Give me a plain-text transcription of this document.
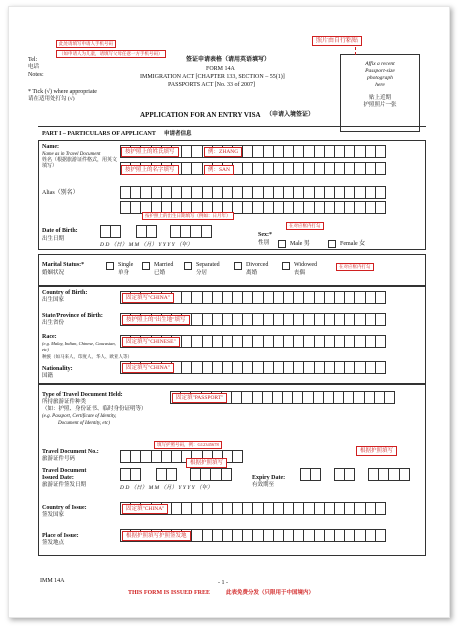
Tel:
电话
Notes:
* Tick (√) where appropriate
请在适用处打勾 (√)
签证申请表格（请用英语填写）
FORM 14A
IMMIGRATION ACT [CHAPTER 133, SECTION – 55(1)]
PASSPORTS ACT [No. 33 of 2007]
APPLICATION FOR AN ENTRY VISA （申请入境签证）
Affix a recent
Passport-size
photograph
here
贴上近期
护照照片一张
此处请填写申请人手机号码
（如申请人为儿童，请填写父母任意一方手机号码）
照片由自行粘贴
PART I – PARTICULARS OF APPLICANT 申请者信息
Name:
Name as in Travel Document
姓名（根据旅游证件格式，用英文填写）
按护照上的姓氏填写	例：ZHANG
按护照上的名字填写	例：SAN
Alias（别名）
按护照上的出生日期填写（例如：日月年）
Date of Birth:
出生日期
D D （日） M M （月） Y Y Y Y （年）
在对应框内打勾
Sex:*
性别	Male 男	Female 女
Marital Status:*
婚姻状况
Single
单身
Married
已婚
Separated
分居
Divorced
离婚
Widowed
丧偶
在对应框内打勾
Country of Birth:
出生国家	固定填写"CHINA"
State/Province of Birth:
出生省份	按护照上的"出生地"填写
Race:
(e.g. Malay, Indian, Chinese, Caucasian, etc)
种族（如马来人、印度人、华人、欧亚人等）
固定填写"CHINESE"
Nationality:
国籍
固定填写"CHINA"
Type of Travel Document Held:
所持旅游证件种类
（如：护照、身份证书、临时身份证明等）
(e.g. Passport, Certificate of Identity,
Document of Identity, etc)
固定填"PASSPORT"
填写护照号码，例：G12345678
Travel Document No.:
旅游证件号码
根据护照填写
根据护照填写
Travel Document
Issued Date:
旅游证件签发日期	D D （日） M M （月） Y Y Y Y （年）
Expiry Date:
有效期至
Country of Issue:
签发国家
固定填"CHINA"
Place of Issue:
签发地点
根据护照填写护照签发地
IMM 14A	- 1 -
THIS FORM IS ISSUED FREE	此表免费分发（只限用于中国境内）
